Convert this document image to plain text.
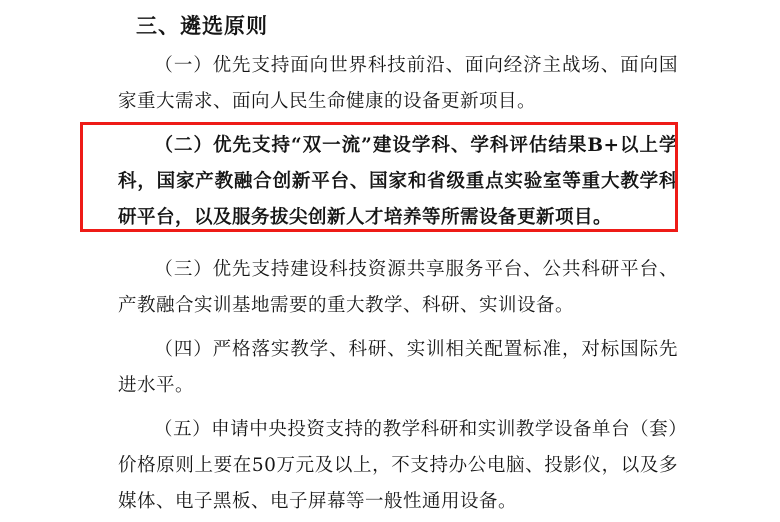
三、遴选原则

（一）优先支持面向世界科技前沿、面向经济主战场、面向国家重大需求、面向人民生命健康的设备更新项目。

（二）优先支持“双一流”建设学科、学科评估结果B+以上学科，国家产教融合创新平台、国家和省级重点实验室等重大教学科研平台，以及服务拔尖创新人才培养等所需设备更新项目。

（三）优先支持建设科技资源共享服务平台、公共科研平台、产教融合实训基地需要的重大教学、科研、实训设备。

（四）严格落实教学、科研、实训相关配置标准，对标国际先进水平。

（五）申请中央投资支持的教学科研和实训教学设备单台（套）价格原则上要在50万元及以上，不支持办公电脑、投影仪，以及多媒体、电子黑板、电子屏幕等一般性通用设备。
